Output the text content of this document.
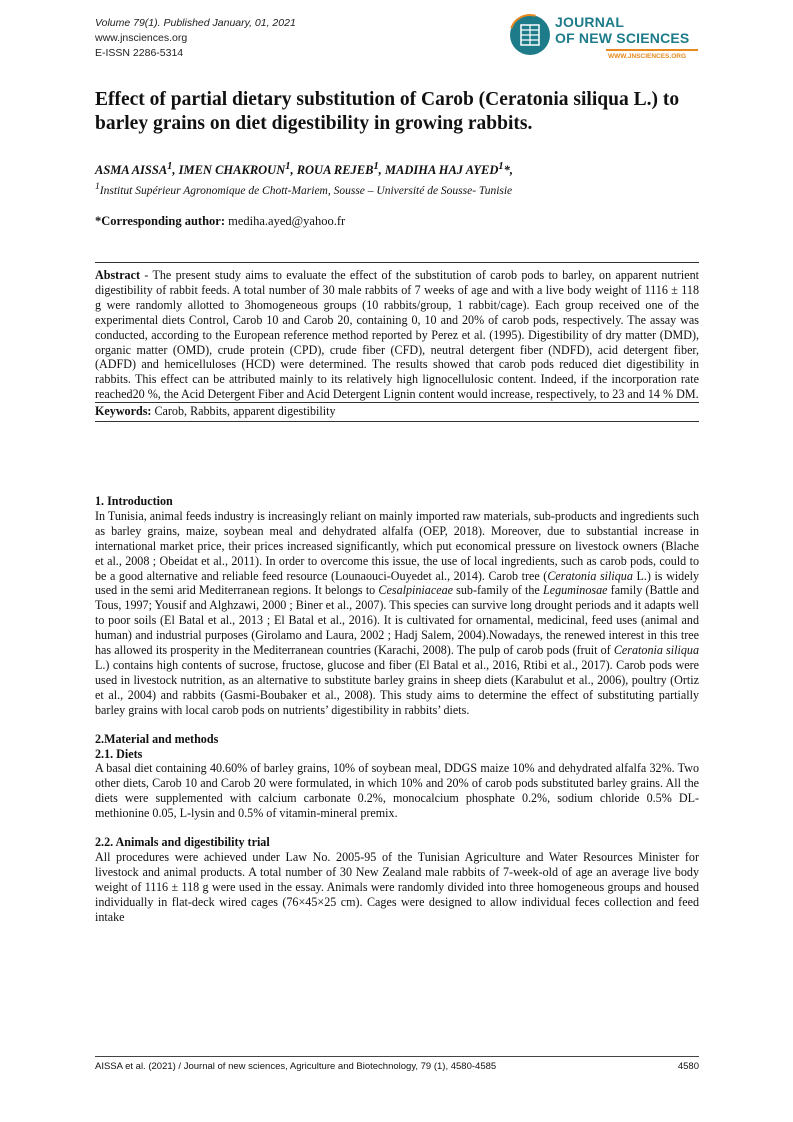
Volume 79(1). Published January, 01, 2021
www.jnsciences.org
E-ISSN 2286-5314
JOURNAL
OF NEW SCIENCES
WWW.JNSCIENCES.ORG
Effect of partial dietary substitution of Carob (Ceratonia siliqua L.) to barley grains on diet digestibility in growing rabbits.
ASMA AISSA$^1$, IMEN CHAKROUN$^1$, ROUA REJEB$^1$, MADIHA HAJ AYED$^1$*,
$^1$Institut Supérieur Agronomique de Chott-Mariem, Sousse – Université de Sousse- Tunisie
*Corresponding author: mediha.ayed@yahoo.fr
Abstract - The present study aims to evaluate the effect of the substitution of carob pods to barley, on apparent nutrient digestibility of rabbit feeds. A total number of 30 male rabbits of 7 weeks of age and with a live body weight of 1116 ± 118 g were randomly allotted to 3homogeneous groups (10 rabbits/group, 1 rabbit/cage). Each group received one of the experimental diets Control, Carob 10 and Carob 20, containing 0, 10 and 20% of carob pods, respectively. The assay was conducted, according to the European reference method reported by Perez et al. (1995). Digestibility of dry matter (DMD), organic matter (OMD), crude protein (CPD), crude fiber (CFD), neutral detergent fiber (NDFD), acid detergent fiber, (ADFD) and hemicelluloses (HCD) were determined. The results showed that carob pods reduced diet digestibility in rabbits. This effect can be attributed mainly to its relatively high lignocellulosic content. Indeed, if the incorporation rate reached20 %, the Acid Detergent Fiber and Acid Detergent Lignin content would increase, respectively, to 23 and 14 % DM.
Keywords: Carob, Rabbits, apparent digestibility
1. Introduction

In Tunisia, animal feeds industry is increasingly reliant on mainly imported raw materials, sub-products and ingredients such as barley grains, maize, soybean meal and dehydrated alfalfa (OEP, 2018). Moreover, due to substantial increase in international market price, their prices increased significantly, which put economical pressure on livestock owners (Blache et al., 2008 ; Obeidat et al., 2011). In order to overcome this issue, the use of local ingredients, such as carob pods, could to be a good alternative and reliable feed resource (Lounaouci-Ouyedet al., 2014). Carob tree (Ceratonia siliqua L.) is widely used in the semi arid Mediterranean regions. It belongs to Cesalpiniaceae sub-family of the Leguminosae family (Battle and Tous, 1997; Yousif and Alghzawi, 2000 ; Biner et al., 2007). This species can survive long drought periods and it adapts well to poor soils (El Batal et al., 2013 ; El Batal et al., 2016). It is cultivated for ornamental, medicinal, feed uses (animal and human) and industrial purposes (Girolamo and Laura, 2002 ; Hadj Salem, 2004).Nowadays, the renewed interest in this tree has allowed its prosperity in the Mediterranean countries (Karachi, 2008). The pulp of carob pods (fruit of Ceratonia siliqua L.) contains high contents of sucrose, fructose, glucose and fiber (El Batal et al., 2016, Rtibi et al., 2017). Carob pods were used in livestock nutrition, as an alternative to substitute barley grains in sheep diets (Karabulut et al., 2006), poultry (Ortiz et al., 2004) and rabbits (Gasmi-Boubaker et al., 2008). This study aims to determine the effect of substituting partially barley grains with local carob pods on nutrients’ digestibility in rabbits’ diets.

2.Material and methods
2.1. Diets

A basal diet containing 40.60% of barley grains, 10% of soybean meal, DDGS maize 10% and dehydrated alfalfa 32%. Two other diets, Carob 10 and Carob 20 were formulated, in which 10% and 20% of carob pods substituted barley grains. All the diets were supplemented with calcium carbonate 0.2%, monocalcium phosphate 0.2%, sodium chloride 0.5% DL-methionine 0.05, L-lysin and 0.5% of vitamin-mineral premix.

2.2. Animals and digestibility trial

All procedures were achieved under Law No. 2005-95 of the Tunisian Agriculture and Water Resources Minister for livestock and animal products. A total number of 30 New Zealand male rabbits of 7-week-old of age an average live body weight of 1116 ± 118 g were used in the essay. Animals were randomly divided into three homogeneous groups and housed individually in flat-deck wired cages (76×45×25 cm). Cages were designed to allow individual feces collection and feed intake

AISSA et al. (2021) / Journal of new sciences, Agriculture and Biotechnology, 79 (1), 4580-4585	4580
